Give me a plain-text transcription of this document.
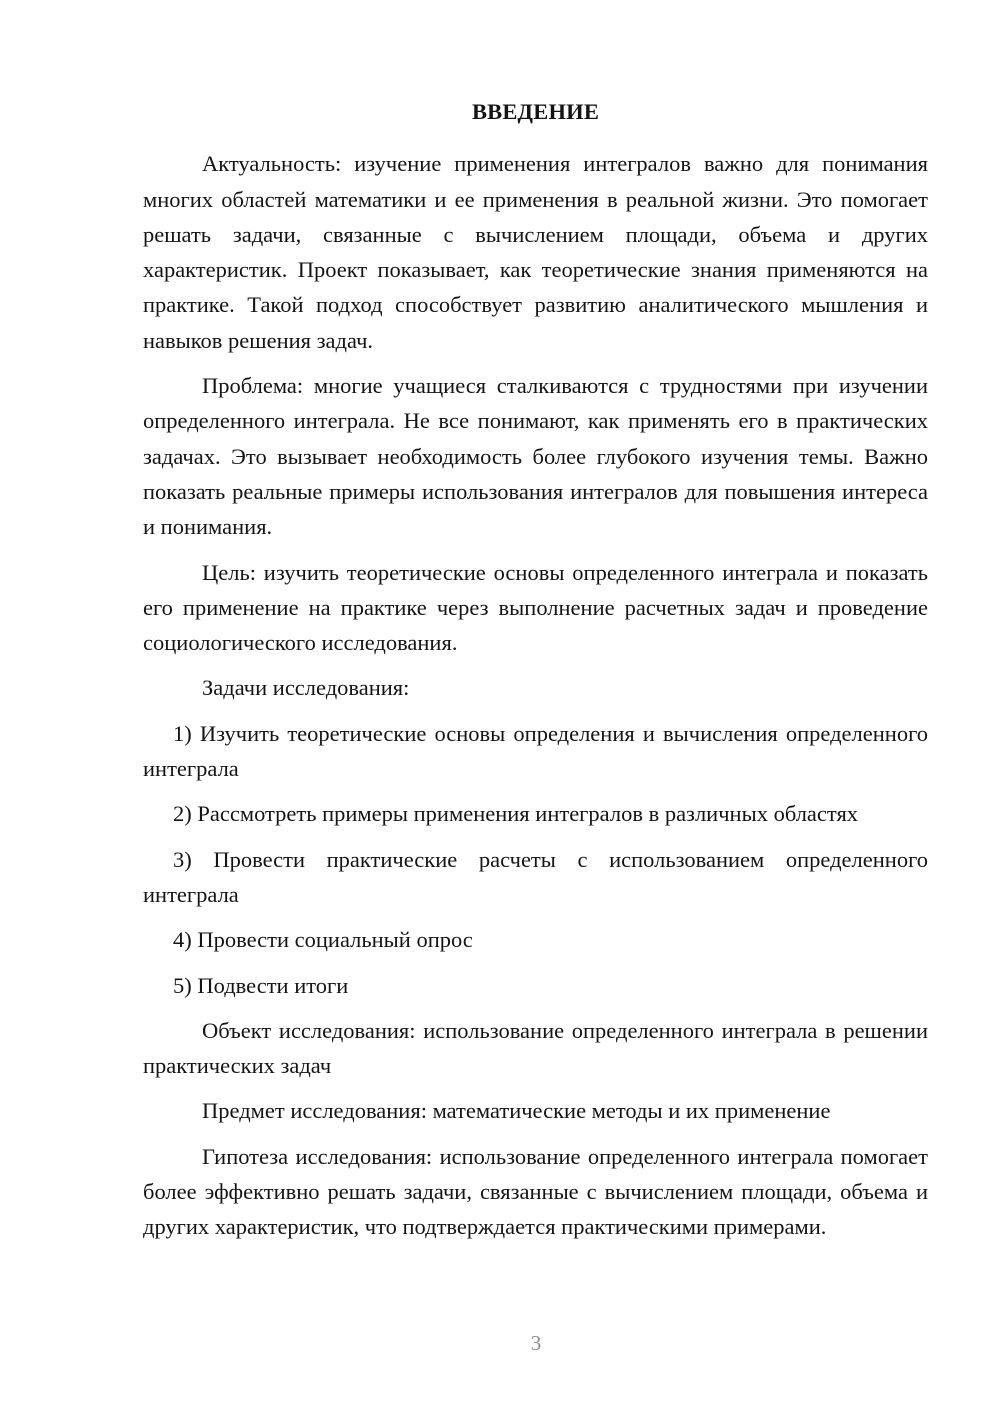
ВВЕДЕНИЕ

Актуальность: изучение применения интегралов важно для понимания многих областей математики и ее применения в реальной жизни. Это помогает решать задачи, связанные с вычислением площади, объема и других характеристик. Проект показывает, как теоретические знания применяются на практике. Такой подход способствует развитию аналитического мышления и навыков решения задач.

Проблема: многие учащиеся сталкиваются с трудностями при изучении определенного интеграла. Не все понимают, как применять его в практических задачах. Это вызывает необходимость более глубокого изучения темы. Важно показать реальные примеры использования интегралов для повышения интереса и понимания.

Цель: изучить теоретические основы определенного интеграла и показать его применение на практике через выполнение расчетных задач и проведение социологического исследования.

Задачи исследования:

1) Изучить теоретические основы определения и вычисления определенного интеграла

2) Рассмотреть примеры применения интегралов в различных областях

3) Провести практические расчеты с использованием определенного интеграла

4) Провести социальный опрос

5) Подвести итоги

Объект исследования: использование определенного интеграла в решении практических задач

Предмет исследования: математические методы и их применение

Гипотеза исследования: использование определенного интеграла помогает более эффективно решать задачи, связанные с вычислением площади, объема и других характеристик, что подтверждается практическими примерами.

3
